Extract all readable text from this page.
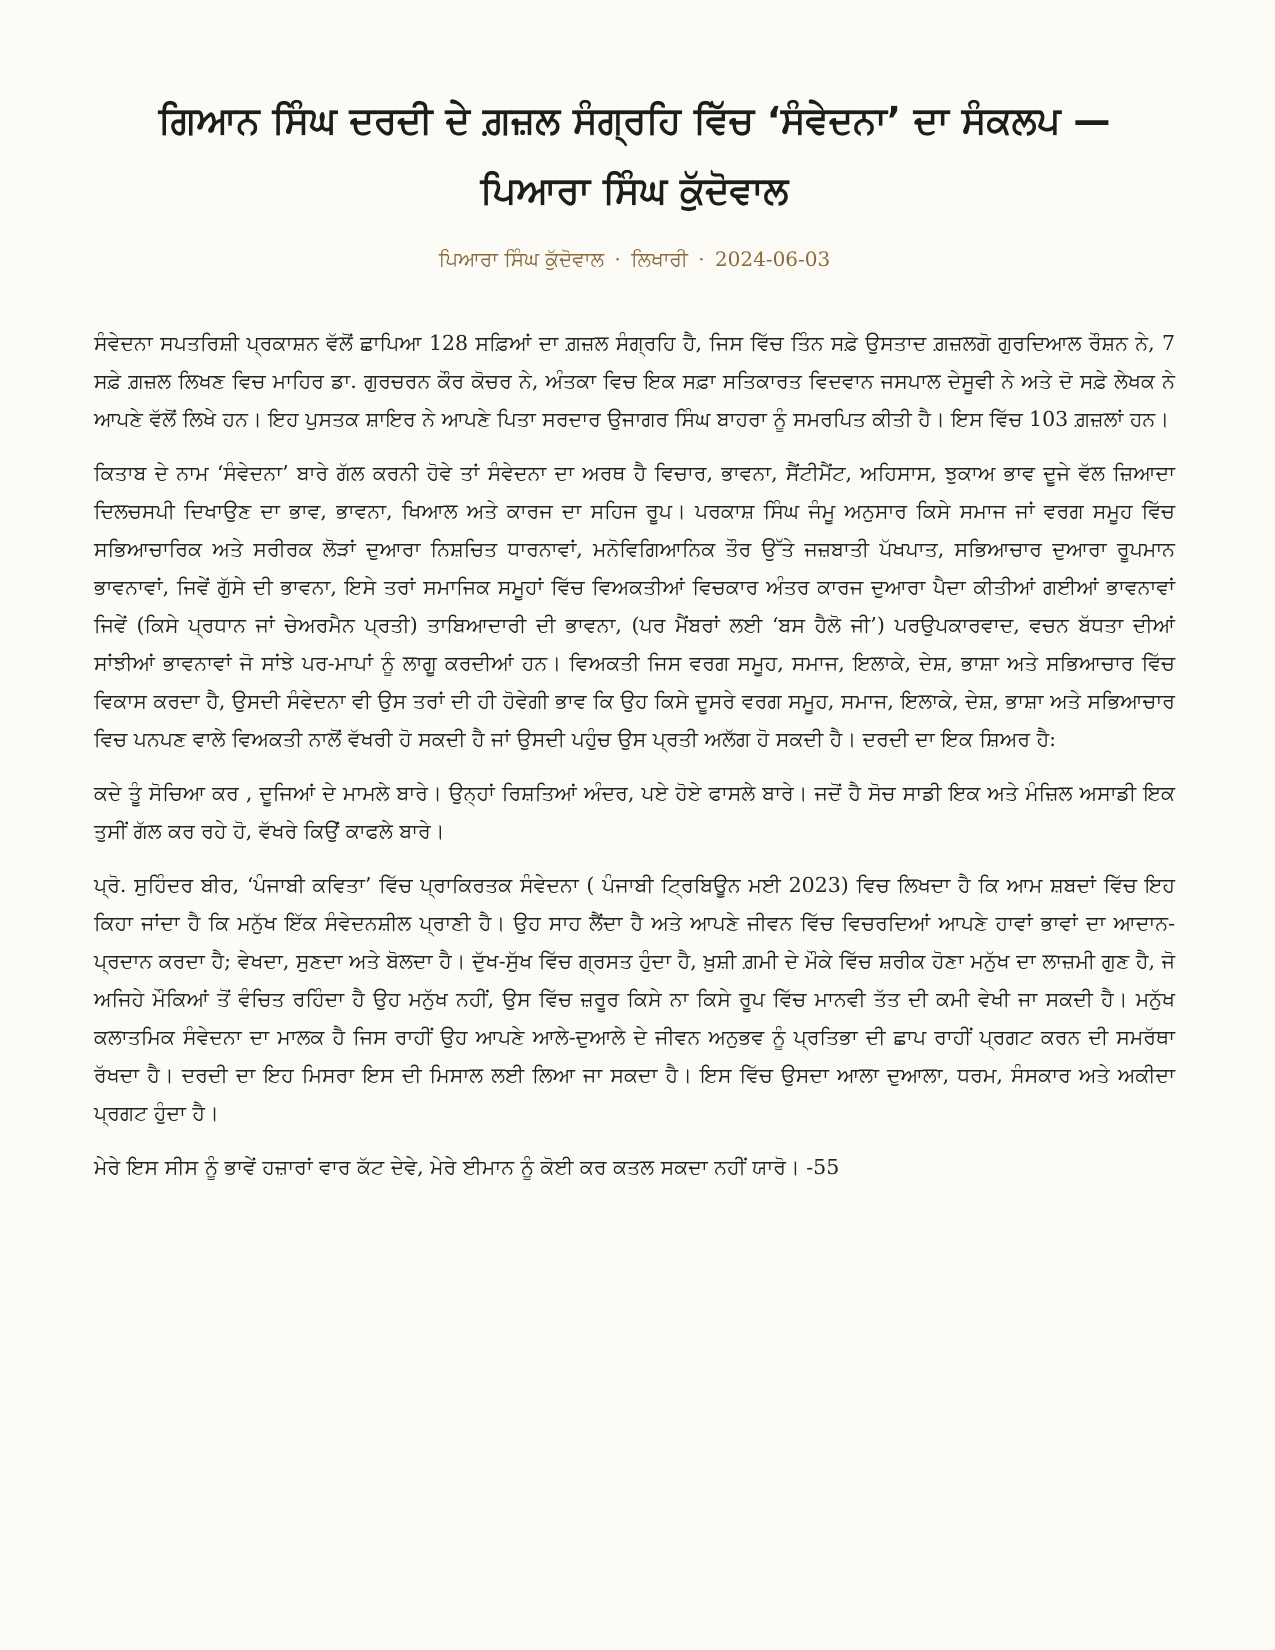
ਗਿਆਨ ਸਿੰਘ ਦਰਦੀ ਦੇ ਗ਼ਜ਼ਲ ਸੰਗ੍ਰਹਿ ਵਿੱਚ ‘ਸੰਵੇਦਨਾ’ ਦਾ ਸੰਕਲਪ —
ਪਿਆਰਾ ਸਿੰਘ ਕੁੱਦੋਵਾਲ
ਪਿਆਰਾ ਸਿੰਘ ਕੁੱਦੋਵਾਲ · ਲਿਖਾਰੀ · 2024-06-03

ਸੰਵੇਦਨਾ ਸਪਤਰਿਸ਼ੀ ਪ੍ਰਕਾਸ਼ਨ ਵੱਲੋਂ ਛਾਪਿਆ 128 ਸਫ਼ਿਆਂ ਦਾ ਗ਼ਜ਼ਲ ਸੰਗ੍ਰਹਿ ਹੈ, ਜਿਸ ਵਿੱਚ ਤਿੰਨ ਸਫ਼ੇ ਉਸਤਾਦ ਗ਼ਜ਼ਲਗੋ ਗੁਰਦਿਆਲ ਰੌਸ਼ਨ ਨੇ, 7 ਸਫ਼ੇ ਗ਼ਜ਼ਲ ਲਿਖਣ ਵਿਚ ਮਾਹਿਰ ਡਾ. ਗੁਰਚਰਨ ਕੌਰ ਕੋਚਰ ਨੇ, ਅੰਤਕਾ ਵਿਚ ਇਕ ਸਫ਼ਾ ਸਤਿਕਾਰਤ ਵਿਦਵਾਨ ਜਸਪਾਲ ਦੇਸੂਵੀ ਨੇ ਅਤੇ ਦੋ ਸਫ਼ੇ ਲੇਖਕ ਨੇ ਆਪਣੇ ਵੱਲੋਂ ਲਿਖੇ ਹਨ। ਇਹ ਪੁਸਤਕ ਸ਼ਾਇਰ ਨੇ ਆਪਣੇ ਪਿਤਾ ਸਰਦਾਰ ਉਜਾਗਰ ਸਿੰਘ ਬਾਹਰਾ ਨੂੰ ਸਮਰਪਿਤ ਕੀਤੀ ਹੈ। ਇਸ ਵਿੱਚ 103 ਗ਼ਜ਼ਲਾਂ ਹਨ।

ਕਿਤਾਬ ਦੇ ਨਾਮ ‘ਸੰਵੇਦਨਾ’ ਬਾਰੇ ਗੱਲ ਕਰਨੀ ਹੋਵੇ ਤਾਂ ਸੰਵੇਦਨਾ ਦਾ ਅਰਥ ਹੈ ਵਿਚਾਰ, ਭਾਵਨਾ, ਸੈਂਟੀਮੈਂਟ, ਅਹਿਸਾਸ, ਝੁਕਾਅ ਭਾਵ ਦੂਜੇ ਵੱਲ ਜ਼ਿਆਦਾ ਦਿਲਚਸਪੀ ਦਿਖਾਉਣ ਦਾ ਭਾਵ, ਭਾਵਨਾ, ਖਿਆਲ ਅਤੇ ਕਾਰਜ ਦਾ ਸਹਿਜ ਰੂਪ। ਪਰਕਾਸ਼ ਸਿੰਘ ਜੰਮੂ ਅਨੁਸਾਰ ਕਿਸੇ ਸਮਾਜ ਜਾਂ ਵਰਗ ਸਮੂਹ ਵਿੱਚ ਸਭਿਆਚਾਰਿਕ ਅਤੇ ਸਰੀਰਕ ਲੋੜਾਂ ਦੁਆਰਾ ਨਿਸ਼ਚਿਤ ਧਾਰਨਾਵਾਂ, ਮਨੋਵਿਗਿਆਨਿਕ ਤੌਰ ਉੱਤੇ ਜਜ਼ਬਾਤੀ ਪੱਖਪਾਤ, ਸਭਿਆਚਾਰ ਦੁਆਰਾ ਰੂਪਮਾਨ ਭਾਵਨਾਵਾਂ, ਜਿਵੇਂ ਗੁੱਸੇ ਦੀ ਭਾਵਨਾ, ਇਸੇ ਤਰਾਂ ਸਮਾਜਿਕ ਸਮੂਹਾਂ ਵਿੱਚ ਵਿਅਕਤੀਆਂ ਵਿਚਕਾਰ ਅੰਤਰ ਕਾਰਜ ਦੁਆਰਾ ਪੈਦਾ ਕੀਤੀਆਂ ਗਈਆਂ ਭਾਵਨਾਵਾਂ ਜਿਵੇਂ (ਕਿਸੇ ਪ੍ਰਧਾਨ ਜਾਂ ਚੇਅਰਮੈਨ ਪ੍ਰਤੀ) ਤਾਬਿਆਦਾਰੀ ਦੀ ਭਾਵਨਾ, (ਪਰ ਮੈਂਬਰਾਂ ਲਈ ‘ਬਸ ਹੈਲੋ ਜੀ’) ਪਰਉਪਕਾਰਵਾਦ, ਵਚਨ ਬੱਧਤਾ ਦੀਆਂ ਸਾਂਝੀਆਂ ਭਾਵਨਾਵਾਂ ਜੋ ਸਾਂਝੇ ਪਰ-ਮਾਪਾਂ ਨੂੰ ਲਾਗੂ ਕਰਦੀਆਂ ਹਨ। ਵਿਅਕਤੀ ਜਿਸ ਵਰਗ ਸਮੂਹ, ਸਮਾਜ, ਇਲਾਕੇ, ਦੇਸ਼, ਭਾਸ਼ਾ ਅਤੇ ਸਭਿਆਚਾਰ ਵਿੱਚ ਵਿਕਾਸ ਕਰਦਾ ਹੈ, ਉਸਦੀ ਸੰਵੇਦਨਾ ਵੀ ਉਸ ਤਰਾਂ ਦੀ ਹੀ ਹੋਵੇਗੀ ਭਾਵ ਕਿ ਉਹ ਕਿਸੇ ਦੂਸਰੇ ਵਰਗ ਸਮੂਹ, ਸਮਾਜ, ਇਲਾਕੇ, ਦੇਸ਼, ਭਾਸ਼ਾ ਅਤੇ ਸਭਿਆਚਾਰ ਵਿਚ ਪਨਪਣ ਵਾਲੇ ਵਿਅਕਤੀ ਨਾਲੋਂ ਵੱਖਰੀ ਹੋ ਸਕਦੀ ਹੈ ਜਾਂ ਉਸਦੀ ਪਹੁੰਚ ਉਸ ਪ੍ਰਤੀ ਅਲੱਗ ਹੋ ਸਕਦੀ ਹੈ। ਦਰਦੀ ਦਾ ਇਕ ਸ਼ਿਅਰ ਹੈ:

ਕਦੇ ਤੂੰ ਸੋਚਿਆ ਕਰ , ਦੂਜਿਆਂ ਦੇ ਮਾਮਲੇ ਬਾਰੇ। ਉਨ੍ਹਾਂ ਰਿਸ਼ਤਿਆਂ ਅੰਦਰ, ਪਏ ਹੋਏ ਫਾਸਲੇ ਬਾਰੇ। ਜਦੋਂ ਹੈ ਸੋਚ ਸਾਡੀ ਇਕ ਅਤੇ ਮੰਜ਼ਿਲ ਅਸਾਡੀ ਇਕ ਤੁਸੀਂ ਗੱਲ ਕਰ ਰਹੇ ਹੋ, ਵੱਖਰੇ ਕਿਉਂ ਕਾਫਲੇ ਬਾਰੇ।

ਪ੍ਰੋ. ਸੁਹਿੰਦਰ ਬੀਰ, ‘ਪੰਜਾਬੀ ਕਵਿਤਾ’ ਵਿੱਚ ਪ੍ਰਾਕਿਰਤਕ ਸੰਵੇਦਨਾ ( ਪੰਜਾਬੀ ਟ੍ਰਿਬਿਊਨ ਮਈ 2023) ਵਿਚ ਲਿਖਦਾ ਹੈ ਕਿ ਆਮ ਸ਼ਬਦਾਂ ਵਿੱਚ ਇਹ ਕਿਹਾ ਜਾਂਦਾ ਹੈ ਕਿ ਮਨੁੱਖ ਇੱਕ ਸੰਵੇਦਨਸ਼ੀਲ ਪ੍ਰਾਣੀ ਹੈ। ਉਹ ਸਾਹ ਲੈਂਦਾ ਹੈ ਅਤੇ ਆਪਣੇ ਜੀਵਨ ਵਿੱਚ ਵਿਚਰਦਿਆਂ ਆਪਣੇ ਹਾਵਾਂ ਭਾਵਾਂ ਦਾ ਆਦਾਨ-ਪ੍ਰਦਾਨ ਕਰਦਾ ਹੈ; ਵੇਖਦਾ, ਸੁਣਦਾ ਅਤੇ ਬੋਲਦਾ ਹੈ। ਦੁੱਖ-ਸੁੱਖ ਵਿੱਚ ਗ੍ਰਸਤ ਹੁੰਦਾ ਹੈ, ਖ਼ੁਸ਼ੀ ਗ਼ਮੀ ਦੇ ਮੌਕੇ ਵਿੱਚ ਸ਼ਰੀਕ ਹੋਣਾ ਮਨੁੱਖ ਦਾ ਲਾਜ਼ਮੀ ਗੁਣ ਹੈ, ਜੋ ਅਜਿਹੇ ਮੌਕਿਆਂ ਤੋਂ ਵੰਚਿਤ ਰਹਿੰਦਾ ਹੈ ਉਹ ਮਨੁੱਖ ਨਹੀਂ, ਉਸ ਵਿੱਚ ਜ਼ਰੂਰ ਕਿਸੇ ਨਾ ਕਿਸੇ ਰੂਪ ਵਿੱਚ ਮਾਨਵੀ ਤੱਤ ਦੀ ਕਮੀ ਵੇਖੀ ਜਾ ਸਕਦੀ ਹੈ। ਮਨੁੱਖ ਕਲਾਤਮਿਕ ਸੰਵੇਦਨਾ ਦਾ ਮਾਲਕ ਹੈ ਜਿਸ ਰਾਹੀਂ ਉਹ ਆਪਣੇ ਆਲੇ-ਦੁਆਲੇ ਦੇ ਜੀਵਨ ਅਨੁਭਵ ਨੂੰ ਪ੍ਰਤਿਭਾ ਦੀ ਛਾਪ ਰਾਹੀਂ ਪ੍ਰਗਟ ਕਰਨ ਦੀ ਸਮਰੱਥਾ ਰੱਖਦਾ ਹੈ। ਦਰਦੀ ਦਾ ਇਹ ਮਿਸਰਾ ਇਸ ਦੀ ਮਿਸਾਲ ਲਈ ਲਿਆ ਜਾ ਸਕਦਾ ਹੈ। ਇਸ ਵਿੱਚ ਉਸਦਾ ਆਲਾ ਦੁਆਲਾ, ਧਰਮ, ਸੰਸਕਾਰ ਅਤੇ ਅਕੀਦਾ ਪ੍ਰਗਟ ਹੁੰਦਾ ਹੈ।

ਮੇਰੇ ਇਸ ਸੀਸ ਨੂੰ ਭਾਵੇਂ ਹਜ਼ਾਰਾਂ ਵਾਰ ਕੱਟ ਦੇਵੇ, ਮੇਰੇ ਈਮਾਨ ਨੂੰ ਕੋਈ ਕਰ ਕਤਲ ਸਕਦਾ ਨਹੀਂ ਯਾਰੋ। -55
